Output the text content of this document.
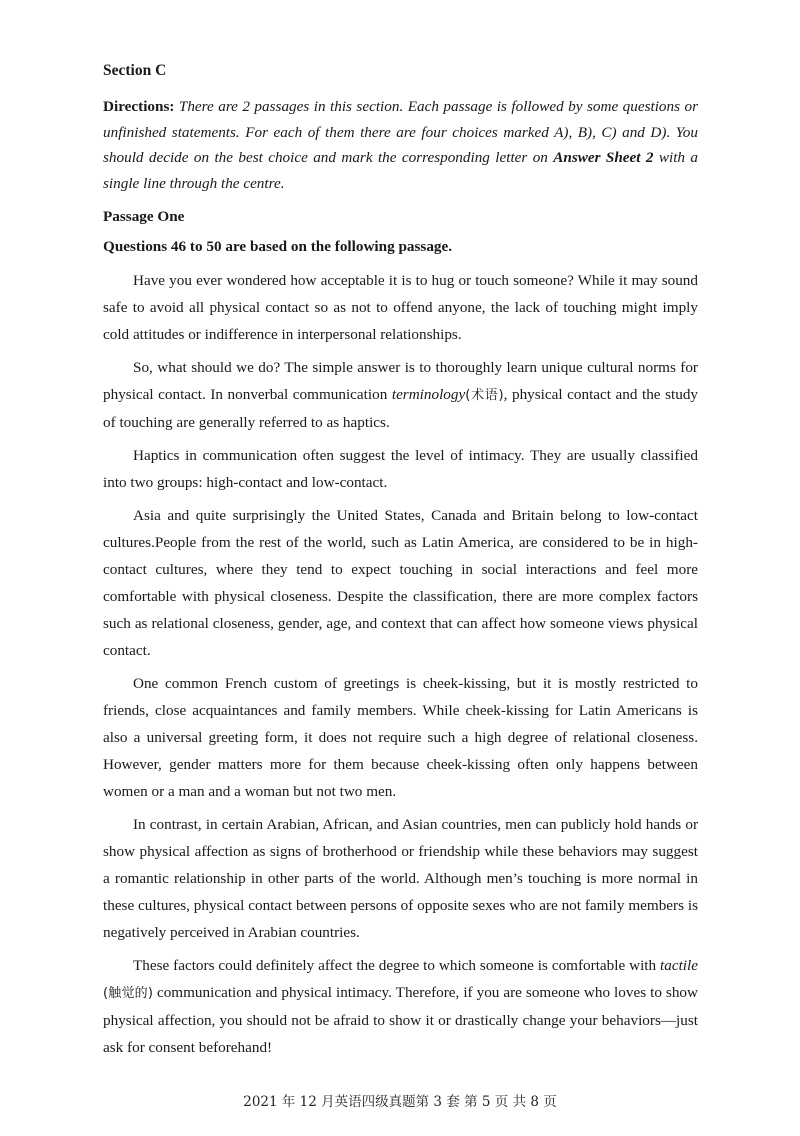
Section C
Directions: There are 2 passages in this section. Each passage is followed by some questions or unfinished statements. For each of them there are four choices marked A), B), C) and D). You should decide on the best choice and mark the corresponding letter on Answer Sheet 2 with a single line through the centre.
Passage One
Questions 46 to 50 are based on the following passage.

Have you ever wondered how acceptable it is to hug or touch someone? While it may sound safe to avoid all physical contact so as not to offend anyone, the lack of touching might imply cold attitudes or indifference in interpersonal relationships.

So, what should we do? The simple answer is to thoroughly learn unique cultural norms for physical contact. In nonverbal communication terminology(术语), physical contact and the study of touching are generally referred to as haptics.

Haptics in communication often suggest the level of intimacy. They are usually classified into two groups: high-contact and low-contact.

Asia and quite surprisingly the United States, Canada and Britain belong to low-contact cultures.People from the rest of the world, such as Latin America, are considered to be in high-contact cultures, where they tend to expect touching in social interactions and feel more comfortable with physical closeness. Despite the classification, there are more complex factors such as relational closeness, gender, age, and context that can affect how someone views physical contact.

One common French custom of greetings is cheek-kissing, but it is mostly restricted to friends, close acquaintances and family members. While cheek-kissing for Latin Americans is also a universal greeting form, it does not require such a high degree of relational closeness. However, gender matters more for them because cheek-kissing often only happens between women or a man and a woman but not two men.

In contrast, in certain Arabian, African, and Asian countries, men can publicly hold hands or show physical affection as signs of brotherhood or friendship while these behaviors may suggest a romantic relationship in other parts of the world. Although men’s touching is more normal in these cultures, physical contact between persons of opposite sexes who are not family members is negatively perceived in Arabian countries.

These factors could definitely affect the degree to which someone is comfortable with tactile (触觉的) communication and physical intimacy. Therefore, if you are someone who loves to show physical affection, you should not be afraid to show it or drastically change your behaviors—just ask for consent beforehand!

2021 年 12 月英语四级真题第 3 套 第 5 页 共 8 页
